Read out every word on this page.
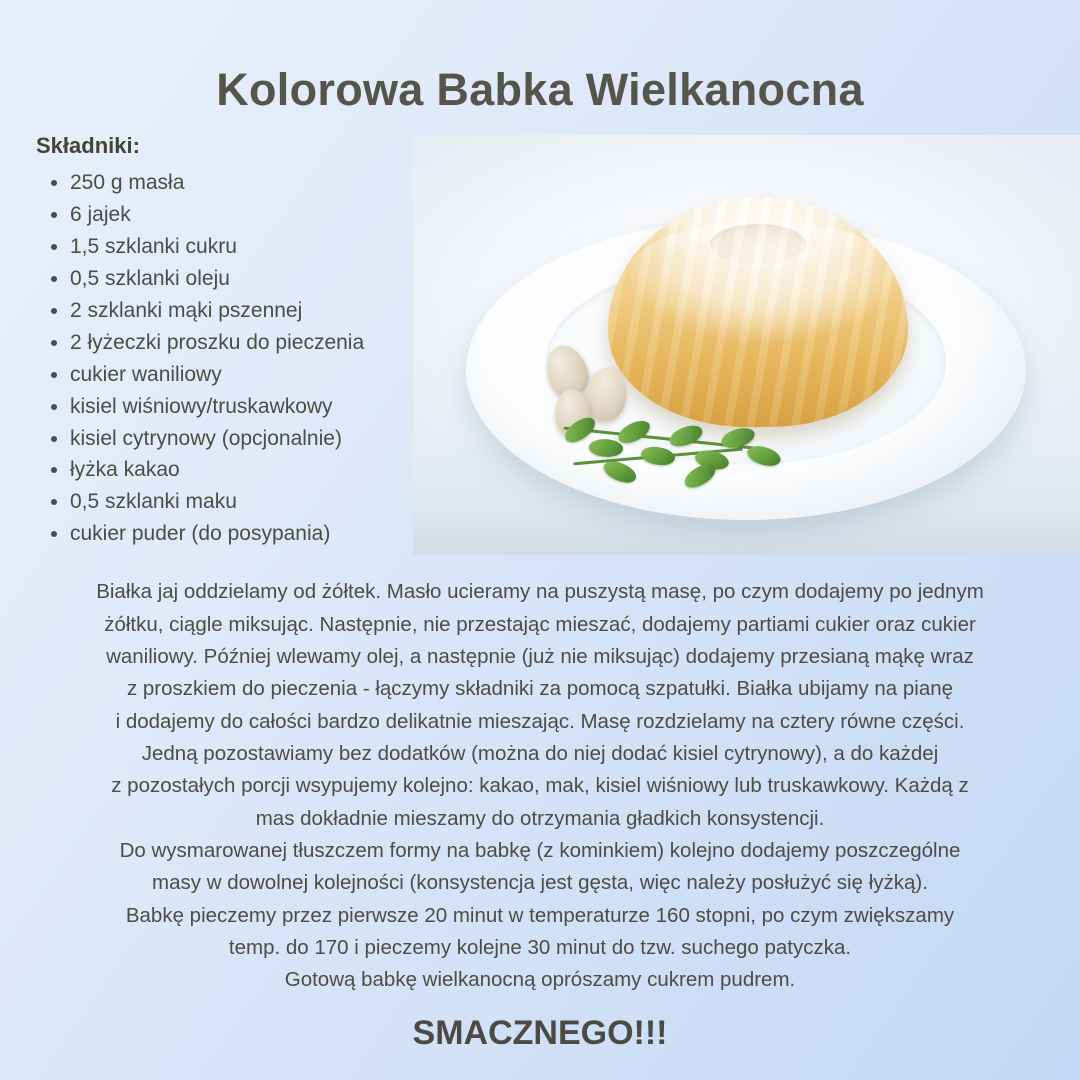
Kolorowa Babka Wielkanocna
Składniki:
• 250 g masła
• 6 jajek
• 1,5 szklanki cukru
• 0,5 szklanki oleju
• 2 szklanki mąki pszennej
• 2 łyżeczki proszku do pieczenia
• cukier waniliowy
• kisiel wiśniowy/truskawkowy
• kisiel cytrynowy (opcjonalnie)
• łyżka kakao
• 0,5 szklanki maku
• cukier puder (do posypania)

Białka jaj oddzielamy od żółtek. Masło ucieramy na puszystą masę, po czym dodajemy po jednym

żółtku, ciągle miksując. Następnie, nie przestając mieszać, dodajemy partiami cukier oraz cukier

waniliowy. Później wlewamy olej, a następnie (już nie miksując) dodajemy przesianą mąkę wraz

z proszkiem do pieczenia - łączymy składniki za pomocą szpatułki. Białka ubijamy na pianę

i dodajemy do całości bardzo delikatnie mieszając. Masę rozdzielamy na cztery równe części.

Jedną pozostawiamy bez dodatków (można do niej dodać kisiel cytrynowy), a do każdej

z pozostałych porcji wsypujemy kolejno: kakao, mak, kisiel wiśniowy lub truskawkowy. Każdą z

mas dokładnie mieszamy do otrzymania gładkich konsystencji.

Do wysmarowanej tłuszczem formy na babkę (z kominkiem) kolejno dodajemy poszczególne

masy w dowolnej kolejności (konsystencja jest gęsta, więc należy posłużyć się łyżką).

Babkę pieczemy przez pierwsze 20 minut w temperaturze 160 stopni, po czym zwiększamy

temp. do 170 i pieczemy kolejne 30 minut do tzw. suchego patyczka.

Gotową babkę wielkanocną oprószamy cukrem pudrem.

SMACZNEGO!!!
